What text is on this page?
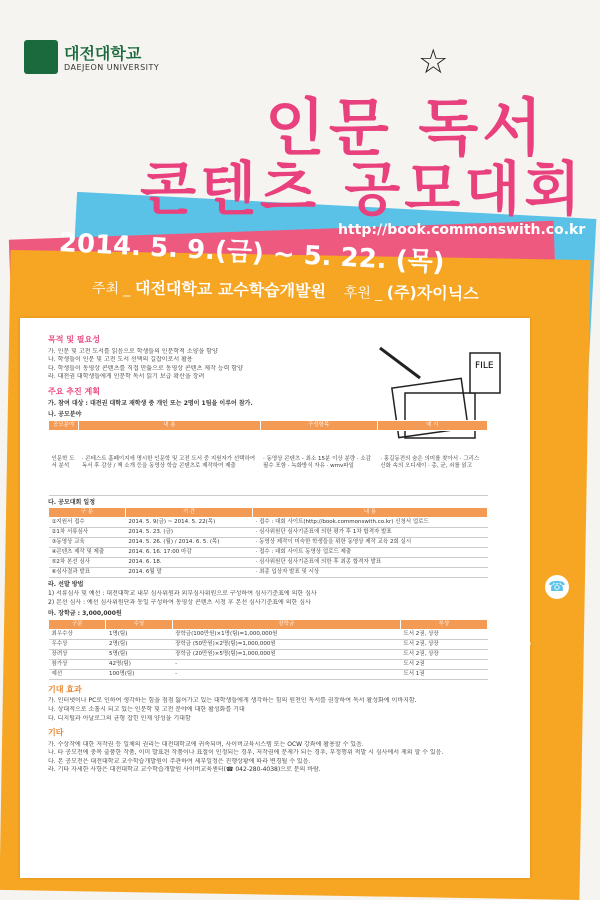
대전대학교
DAEJEON UNIVERSITY	☆
인문 독서
콘텐츠 공모대회
2014. 5. 9.(금) ~ 5. 22. (목)
http://book.commonswith.co.kr
주최 _ 대전대학교 교수학습개발원 후원 _ (주)자이닉스
FILE
목적 및 필요성
가. 인문 및 고전 도서를 읽음으로 학생들의 인문학적 소양을 함양
나. 학생들이 인문 및 고전 도서 선택의 길잡이로서 활용
다. 학생들이 동영상 콘텐츠를 직접 만듦으로 동영상 콘텐츠 제작 능력 함양
라. 대전권 대학생들에게 인문학 독서 읽기 보급 확산을 장려
주요 추진 계획
가. 참여 대상 : 대전권 대학교 재학생 중 개인 또는 2명이 1팀을 이루어 참가.
나. 공모분야
공모분야	내 용	구성항목	예 시
인문학 도서 분석	· 콘테스트 홈페이지에 명시한 인문학 및 고전 도서 중 지원자가 선택하여 독서 후 감상 / 책 소개 등을 동영상 학습 콘텐츠로 제작하여 제출	· 동영상 콘텐츠 - 최소 15분 이상 분량 · 소감 필수 포함 · 녹화방식 자유 · wmv파일	· 홍길동전의 숨은 의미를 찾아서 · 그리스 신화 속의 오디세이 · 총, 균, 쇠를 읽고
다. 공모대회 일정
구 분	기 간	내 용
①지원서 접수	2014. 5. 9(금) ~ 2014. 5. 22(목)	· 접수 : 대회 사이트(http://book.commonswith.co.kr) 신청서 업로드
②1차 서류심사	2014. 5. 23. (금)	· 심사위원단 심사기준표에 의한 평가 후 1차 합격자 발표
③동영상 교육	2014. 5. 26. (월) / 2014. 6. 5. (목)	· 동영상 제작이 미숙한 학생들을 위한 동영상 제작 교육 2회 실시
④콘텐츠 제작 및 제출	2014. 6. 16. 17:00 마감	· 접수 : 대회 사이트 동영상 업로드 제출
⑤2차 본선 심사	2014. 6. 18.	· 심사위원단 심사기준표에 의한 후 최종 합격자 발표
⑥심사결과 발표	2014. 6월 말	· 최종 입상자 발표 및 시상
라. 선발 방법
1) 서류심사 및 예선 : 대전대학교 내부 심사위원과 외부심사위원으로 구성하여 심사기준표에 의한 심사
2) 본선 심사 : 예선 심사위원단과 동일 구성하여 동영상 콘텐츠 시청 후 본선 심사기준표에 의한 심사
마. 장학금 : 3,000,000원
구분	수상	장학금	부상
최우수상	1명(팀)	장학금(100만원)×1명(팀)=1,000,000원	도서 2권, 상장
우수상	2명(팀)	장학금 (50만원)×2명(팀)=1,000,000원	도서 2권, 상장
장려상	5명(팀)	장학금 (20만원)×5명(팀)=1,000,000원	도서 2권, 상장
참가상	42명(팀)	-	도서 2권
예선	100명(팀)	-	도서 1권
기대 효과
가. 인터넷이나 PC로 인하여 생각하는 힘을 점점 잃어가고 있는 대학생들에게 생각하는 힘의 원천인 독서를 권장하여 독서 활성화에 이바지함.
나. 상대적으로 소홀시 되고 있는 인문학 및 고전 분야에 대한 활성화를 기대
다. 디지털과 아날로그의 균형 잡힌 인재 양성을 기대함
기타
가. 수상작에 대한 저작권 등 일체의 권리는 대전대학교에 귀속되며, 사이버교육시스템 또는 OCW 강좌에 활용할 수 있음.
나. 타 공모전에 중복 출품한 작품, 이미 발표된 작품이나 표절이 인정되는 경우, 저작권에 문제가 되는 경우, 부정행위 적발 시 심사에서 제외 할 수 있음.
다. 본 공모전은 대전대학교 교수학습개발원이 주관하여 세부일정은 진행상황에 따라 변경될 수 있음.
라. 기타 자세한 사항은 대전대학교 교수학습개발원 사이버교육센터(☎ 042-280-4038)으로 문의 바람.
☎
문의 042-280-4038
